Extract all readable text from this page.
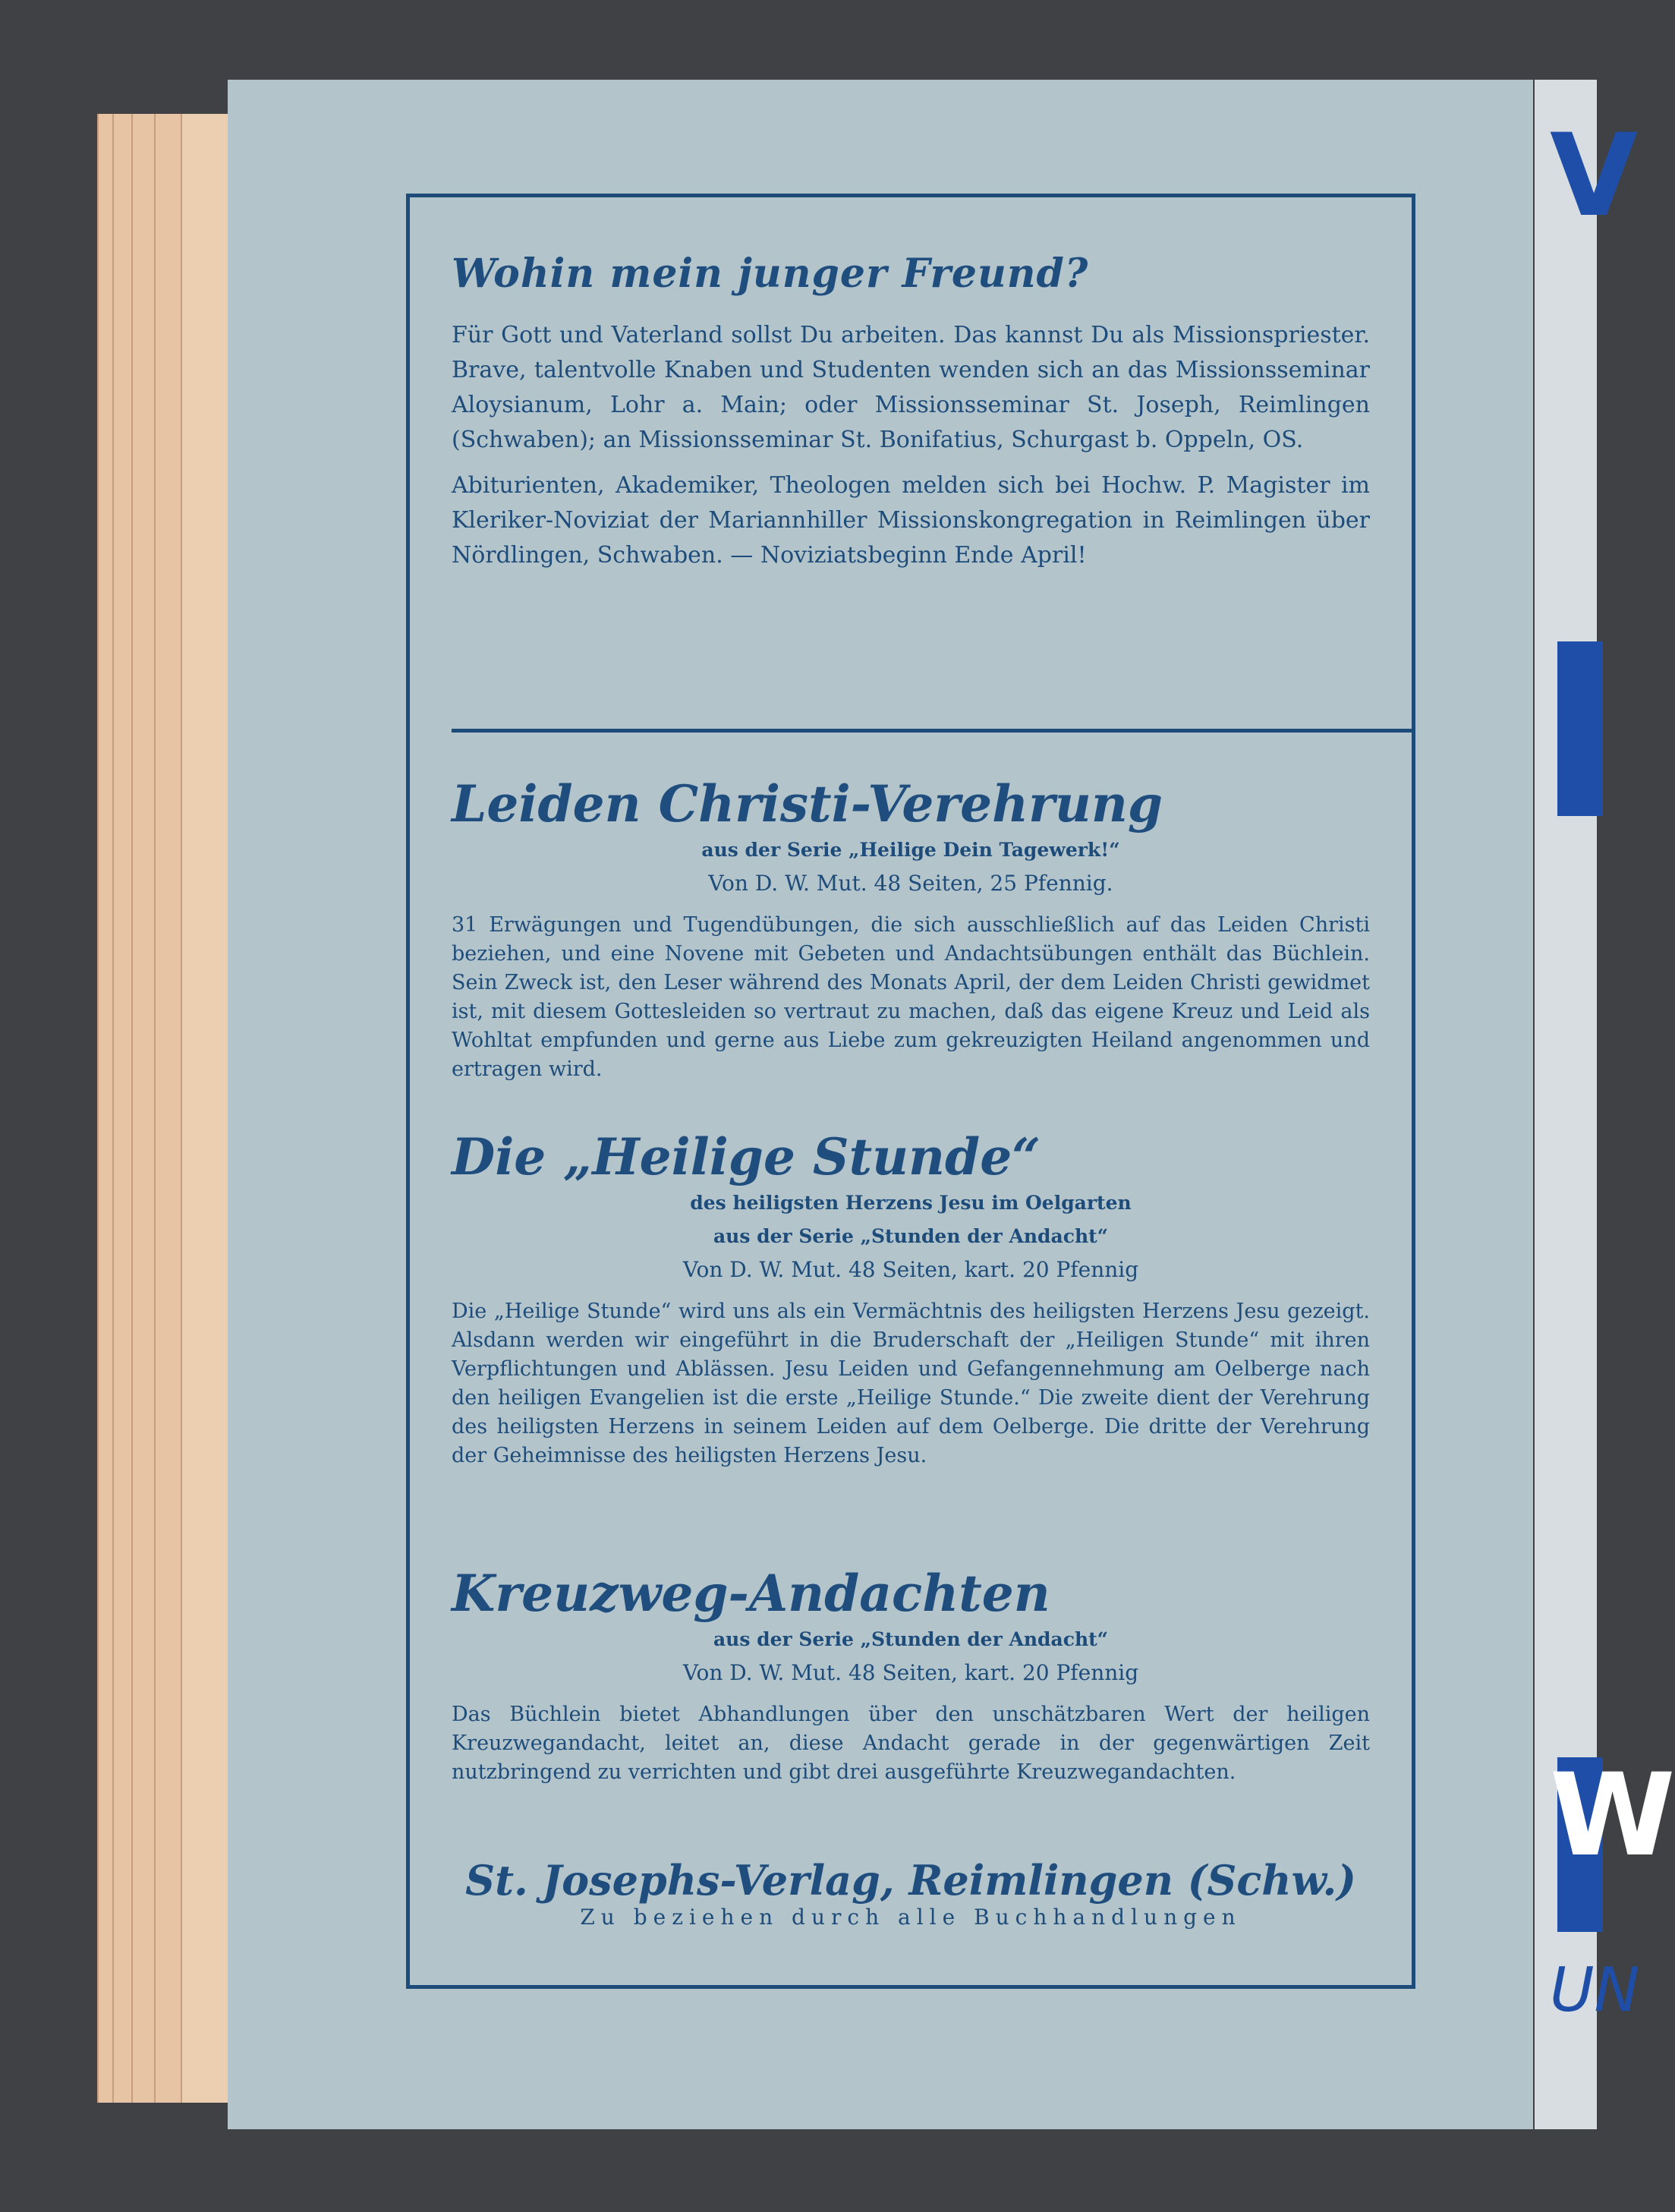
V
W
UN
Wohin mein junger Freund?

Für Gott und Vaterland sollst Du arbeiten. Das kannst Du als Missionspriester. Brave, talentvolle Knaben und Studenten wenden sich an das Missionsseminar Aloysianum, Lohr a. Main; oder Missionsseminar St. Joseph, Reimlingen (Schwaben); an Missionsseminar St. Bonifatius, Schurgast b. Oppeln, OS.

Abiturienten, Akademiker, Theologen melden sich bei Hochw. P. Magister im Kleriker-Noviziat der Mariannhiller Missionskongregation in Reimlingen über Nördlingen, Schwaben. — Noviziatsbeginn Ende April!

Leiden Christi-Verehrung

aus der Serie „Heilige Dein Tagewerk!“

Von D. W. Mut. 48 Seiten, 25 Pfennig.

31 Erwägungen und Tugendübungen, die sich ausschließlich auf das Leiden Christi beziehen, und eine Novene mit Gebeten und Andachtsübungen enthält das Büchlein. Sein Zweck ist, den Leser während des Monats April, der dem Leiden Christi gewidmet ist, mit diesem Gottesleiden so vertraut zu machen, daß das eigene Kreuz und Leid als Wohltat empfunden und gerne aus Liebe zum gekreuzigten Heiland angenommen und ertragen wird.

Die „Heilige Stunde“

des heiligsten Herzens Jesu im Oelgarten

aus der Serie „Stunden der Andacht“

Von D. W. Mut. 48 Seiten, kart. 20 Pfennig

Die „Heilige Stunde“ wird uns als ein Vermächtnis des heiligsten Herzens Jesu gezeigt. Alsdann werden wir eingeführt in die Bruderschaft der „Heiligen Stunde“ mit ihren Verpflichtungen und Ablässen. Jesu Leiden und Gefangennehmung am Oelberge nach den heiligen Evangelien ist die erste „Heilige Stunde.“ Die zweite dient der Verehrung des heiligsten Herzens in seinem Leiden auf dem Oelberge. Die dritte der Verehrung der Geheimnisse des heiligsten Herzens Jesu.

Kreuzweg-Andachten

aus der Serie „Stunden der Andacht“

Von D. W. Mut. 48 Seiten, kart. 20 Pfennig

Das Büchlein bietet Abhandlungen über den unschätzbaren Wert der heiligen Kreuzwegandacht, leitet an, diese Andacht gerade in der gegenwärtigen Zeit nutzbringend zu verrichten und gibt drei ausgeführte Kreuzwegandachten.

St. Josephs-Verlag, Reimlingen (Schw.)

Zu beziehen durch alle Buchhandlungen
